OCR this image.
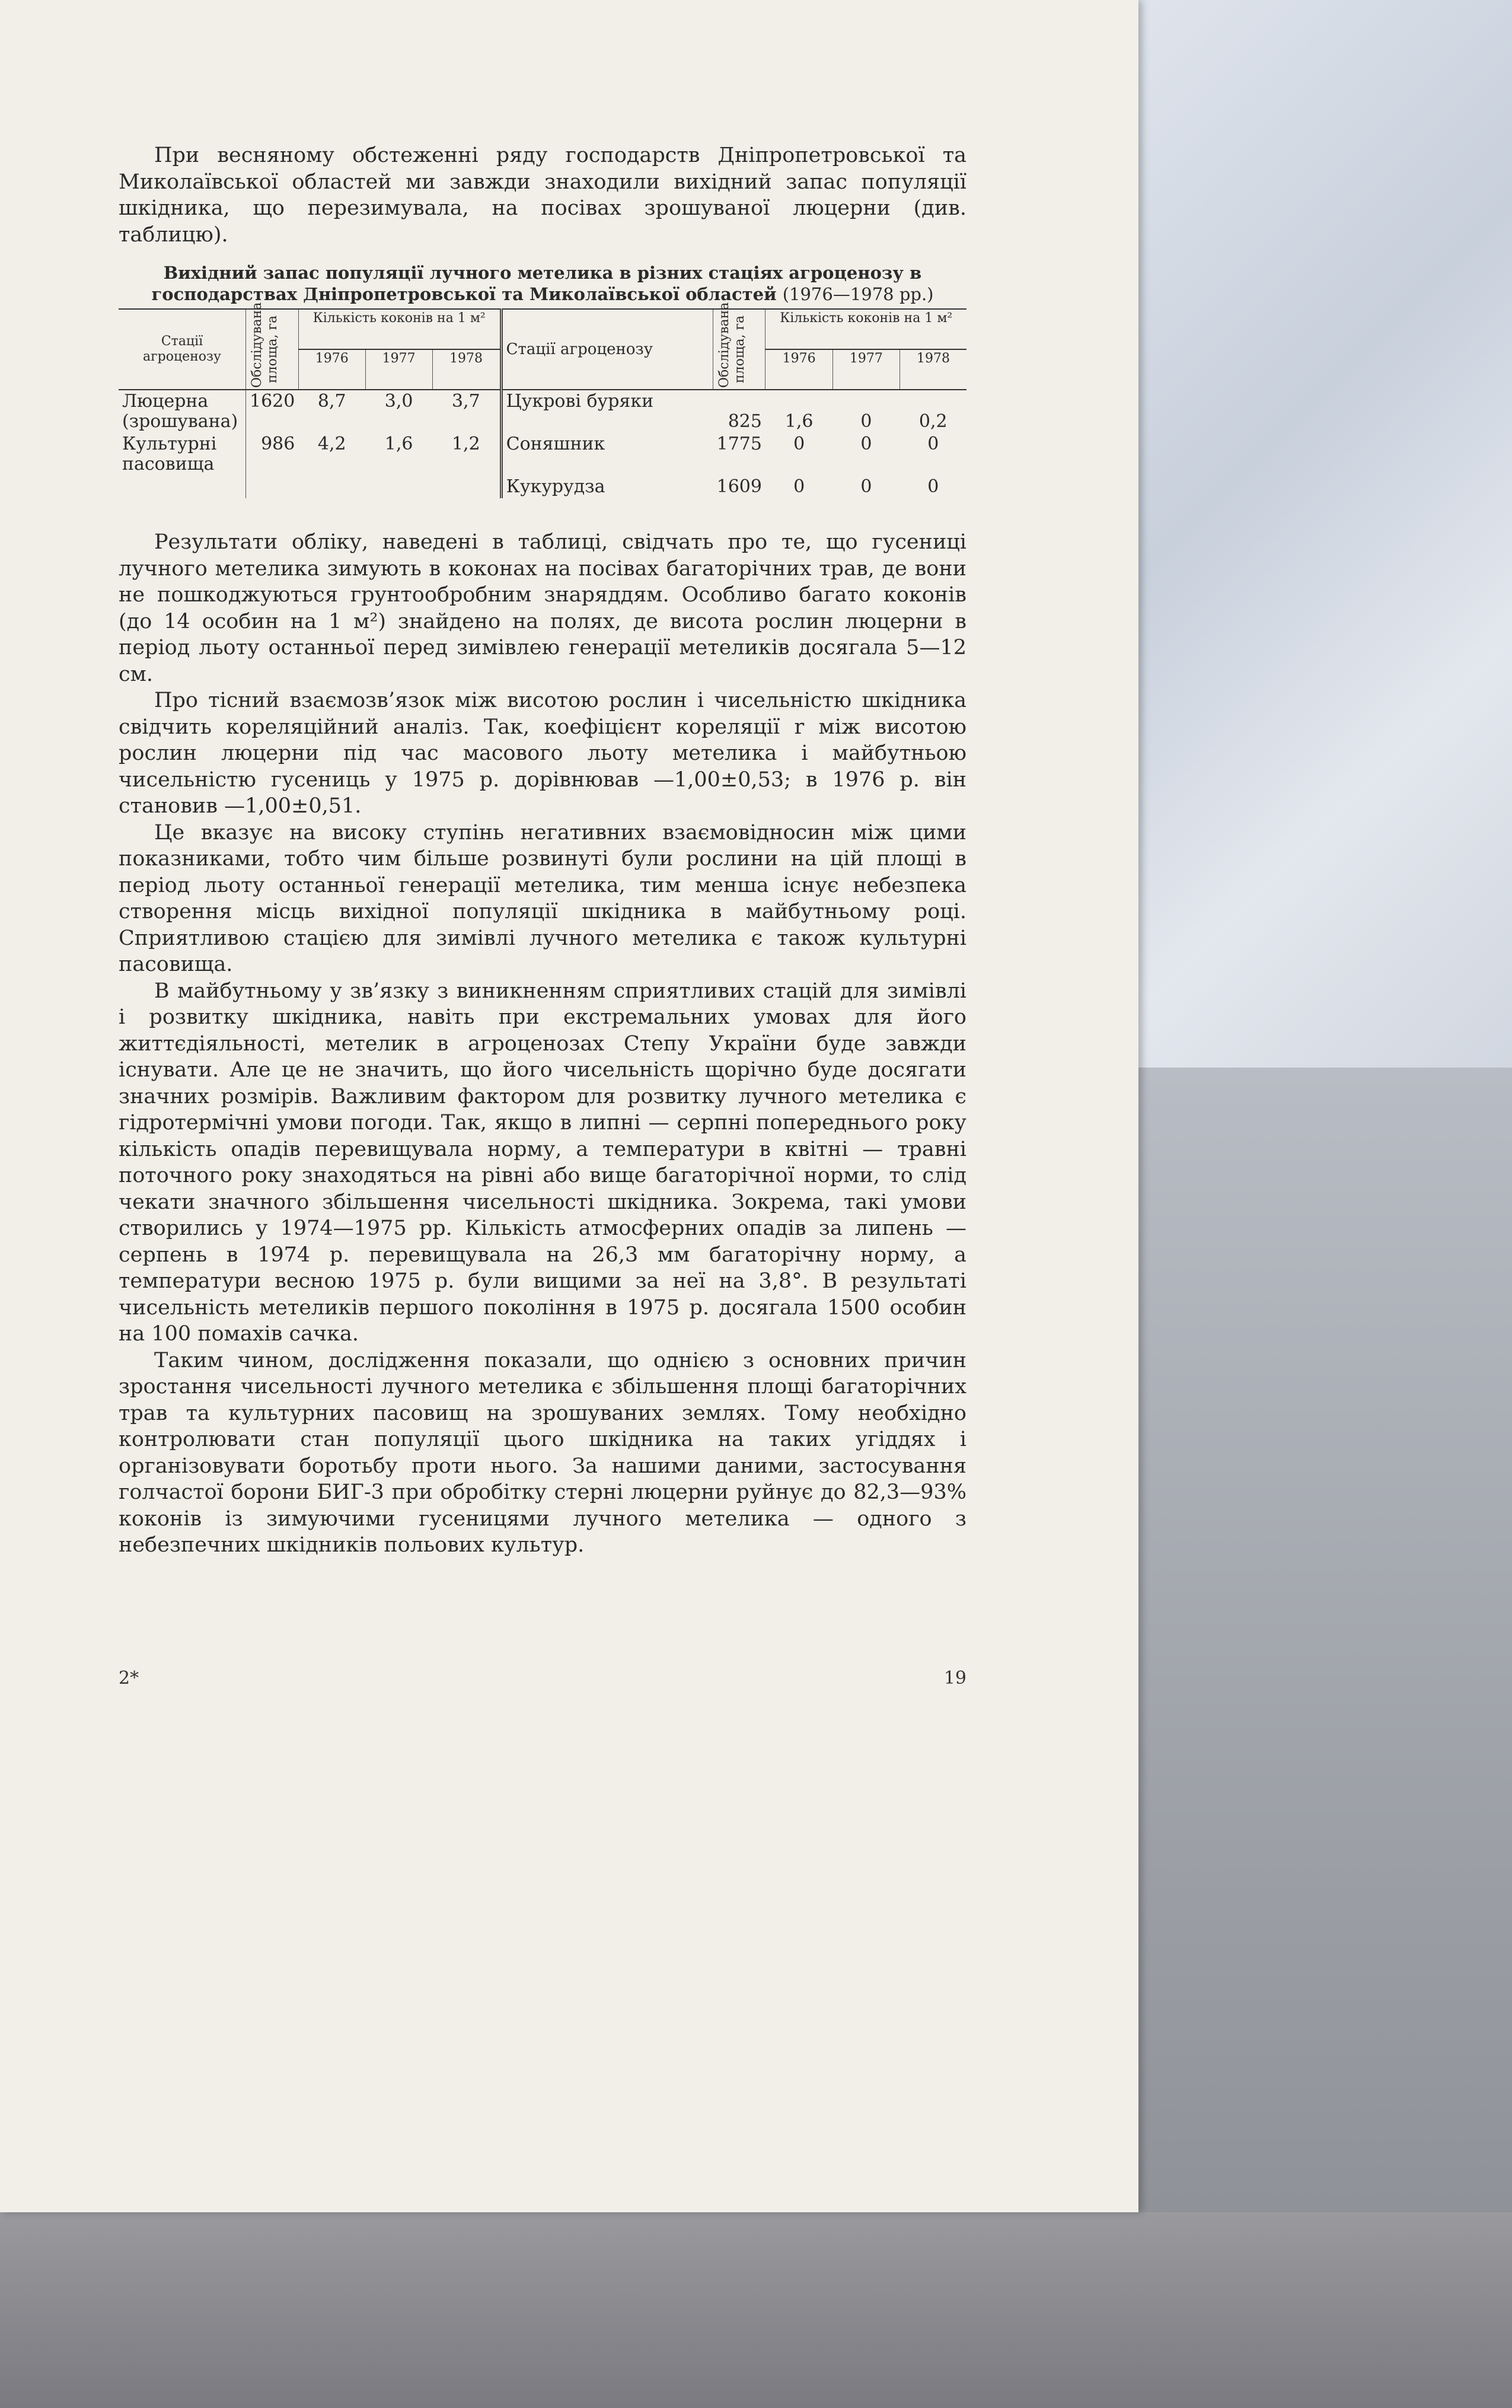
При весняному обстеженні ряду господарств Дніпропетровської та Миколаївської областей ми завжди знаходили вихідний запас популяції шкідника, що перезимувала, на посівах зрошуваної люцерни (див. таблицю).

Вихідний запас популяції лучного метелика в різних стаціях агроценозу в господарствах Дніпропетровської та Миколаївської областей (1976—1978 рр.)
Стації агроценозу	Обслідувана площа, га	Кількість коконів на 1 м²			Стації агроценозу	Обслідувана площа, га	Кількість коконів на 1 м²		
		1976	1977	1978			1976	1977	1978
Люцерна (зрошувана)	1620	8,7	3,0	3,7	Цукрові буряки	825	1,6	0	0,2
Культурні пасовища	986	4,2	1,6	1,2	Соняшник	1775	0	0	0
					Кукурудза	1609	0	0	0

Результати обліку, наведені в таблиці, свідчать про те, що гусениці лучного метелика зимують в коконах на посівах багаторічних трав, де вони не пошкоджуються грунтообробним знаряддям. Особливо багато коконів (до 14 особин на 1 м²) знайдено на полях, де висота рослин люцерни в період льоту останньої перед зимівлею генерації метеликів досягала 5—12 см.

Про тісний взаємозв’язок між висотою рослин і чисельністю шкідника свідчить кореляційний аналіз. Так, коефіцієнт кореляції r між висотою рослин люцерни під час масового льоту метелика і майбутньою чисельністю гусениць у 1975 р. дорівнював —1,00±0,53; в 1976 р. він становив —1,00±0,51.

Це вказує на високу ступінь негативних взаємовідносин між цими показниками, тобто чим більше розвинуті були рослини на цій площі в період льоту останньої генерації метелика, тим менша існує небезпека створення місць вихідної популяції шкідника в майбутньому році. Сприятливою стацією для зимівлі лучного метелика є також культурні пасовища.

В майбутньому у зв’язку з виникненням сприятливих стацій для зимівлі і розвитку шкідника, навіть при екстремальних умовах для його життєдіяльності, метелик в агроценозах Степу України буде завжди існувати. Але це не значить, що його чисельність щорічно буде досягати значних розмірів. Важливим фактором для розвитку лучного метелика є гідротермічні умови погоди. Так, якщо в липні — серпні попереднього року кількість опадів перевищувала норму, а температури в квітні — травні поточного року знаходяться на рівні або вище багаторічної норми, то слід чекати значного збільшення чисельності шкідника. Зокрема, такі умови створились у 1974—1975 рр. Кількість атмосферних опадів за липень — серпень в 1974 р. перевищувала на 26,3 мм багаторічну норму, а температури весною 1975 р. були вищими за неї на 3,8°. В результаті чисельність метеликів першого покоління в 1975 р. досягала 1500 особин на 100 помахів сачка.

Таким чином, дослідження показали, що однією з основних причин зростання чисельності лучного метелика є збільшення площі багаторічних трав та культурних пасовищ на зрошуваних землях. Тому необхідно контролювати стан популяції цього шкідника на таких угіддях і організовувати боротьбу проти нього. За нашими даними, застосування голчастої борони БИГ-3 при обробітку стерні люцерни руйнує до 82,3—93% коконів із зимуючими гусеницями лучного метелика — одного з небезпечних шкідників польових культур.

2*	19
